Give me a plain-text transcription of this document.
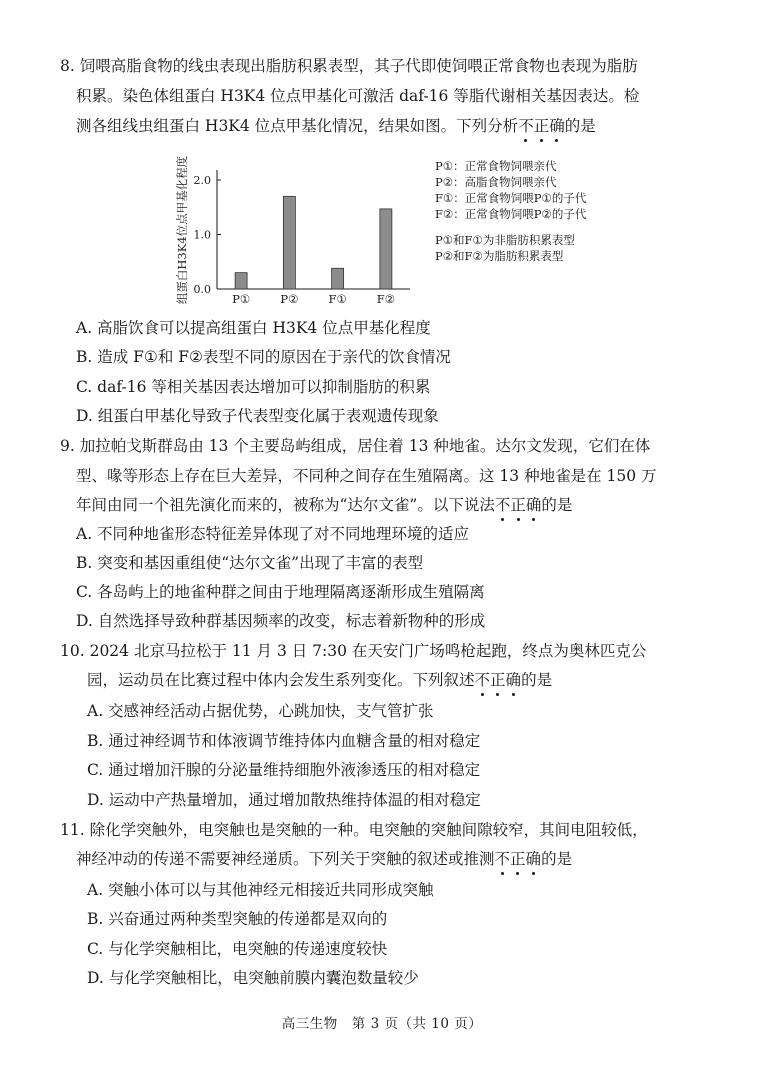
8. 饲喂高脂食物的线虫表现出脂肪积累表型，其子代即使饲喂正常食物也表现为脂肪
积累。染色体组蛋白 H3K4 位点甲基化可激活 daf-16 等脂代谢相关基因表达。检
测各组线虫组蛋白 H3K4 位点甲基化情况，结果如图。下列分析不正确的是
组蛋白H3K4位点甲基化程度 0.0
1.0
2.0
P①	P②	F①	F②
P①：正常食物饲喂亲代
P②：高脂食物饲喂亲代
F①：正常食物饲喂P①的子代
F②：正常食物饲喂P②的子代
P①和F①为非脂肪积累表型
P②和F②为脂肪积累表型
A. 高脂饮食可以提高组蛋白 H3K4 位点甲基化程度
B. 造成 F①和 F②表型不同的原因在于亲代的饮食情况
C. daf-16 等相关基因表达增加可以抑制脂肪的积累
D. 组蛋白甲基化导致子代表型变化属于表观遗传现象
9. 加拉帕戈斯群岛由 13 个主要岛屿组成，居住着 13 种地雀。达尔文发现，它们在体
型、喙等形态上存在巨大差异，不同种之间存在生殖隔离。这 13 种地雀是在 150 万
年间由同一个祖先演化而来的，被称为“达尔文雀”。以下说法不正确的是
A. 不同种地雀形态特征差异体现了对不同地理环境的适应
B. 突变和基因重组使“达尔文雀”出现了丰富的表型
C. 各岛屿上的地雀种群之间由于地理隔离逐渐形成生殖隔离
D. 自然选择导致种群基因频率的改变，标志着新物种的形成
10. 2024 北京马拉松于 11 月 3 日 7:30 在天安门广场鸣枪起跑，终点为奥林匹克公
园，运动员在比赛过程中体内会发生系列变化。下列叙述不正确的是
A. 交感神经活动占据优势，心跳加快，支气管扩张
B. 通过神经调节和体液调节维持体内血糖含量的相对稳定
C. 通过增加汗腺的分泌量维持细胞外液渗透压的相对稳定
D. 运动中产热量增加，通过增加散热维持体温的相对稳定
11. 除化学突触外，电突触也是突触的一种。电突触的突触间隙较窄，其间电阻较低，
神经冲动的传递不需要神经递质。下列关于突触的叙述或推测不正确的是
A. 突触小体可以与其他神经元相接近共同形成突触
B. 兴奋通过两种类型突触的传递都是双向的
C. 与化学突触相比，电突触的传递速度较快
D. 与化学突触相比，电突触前膜内囊泡数量较少
高三生物　第 3 页（共 10 页）
